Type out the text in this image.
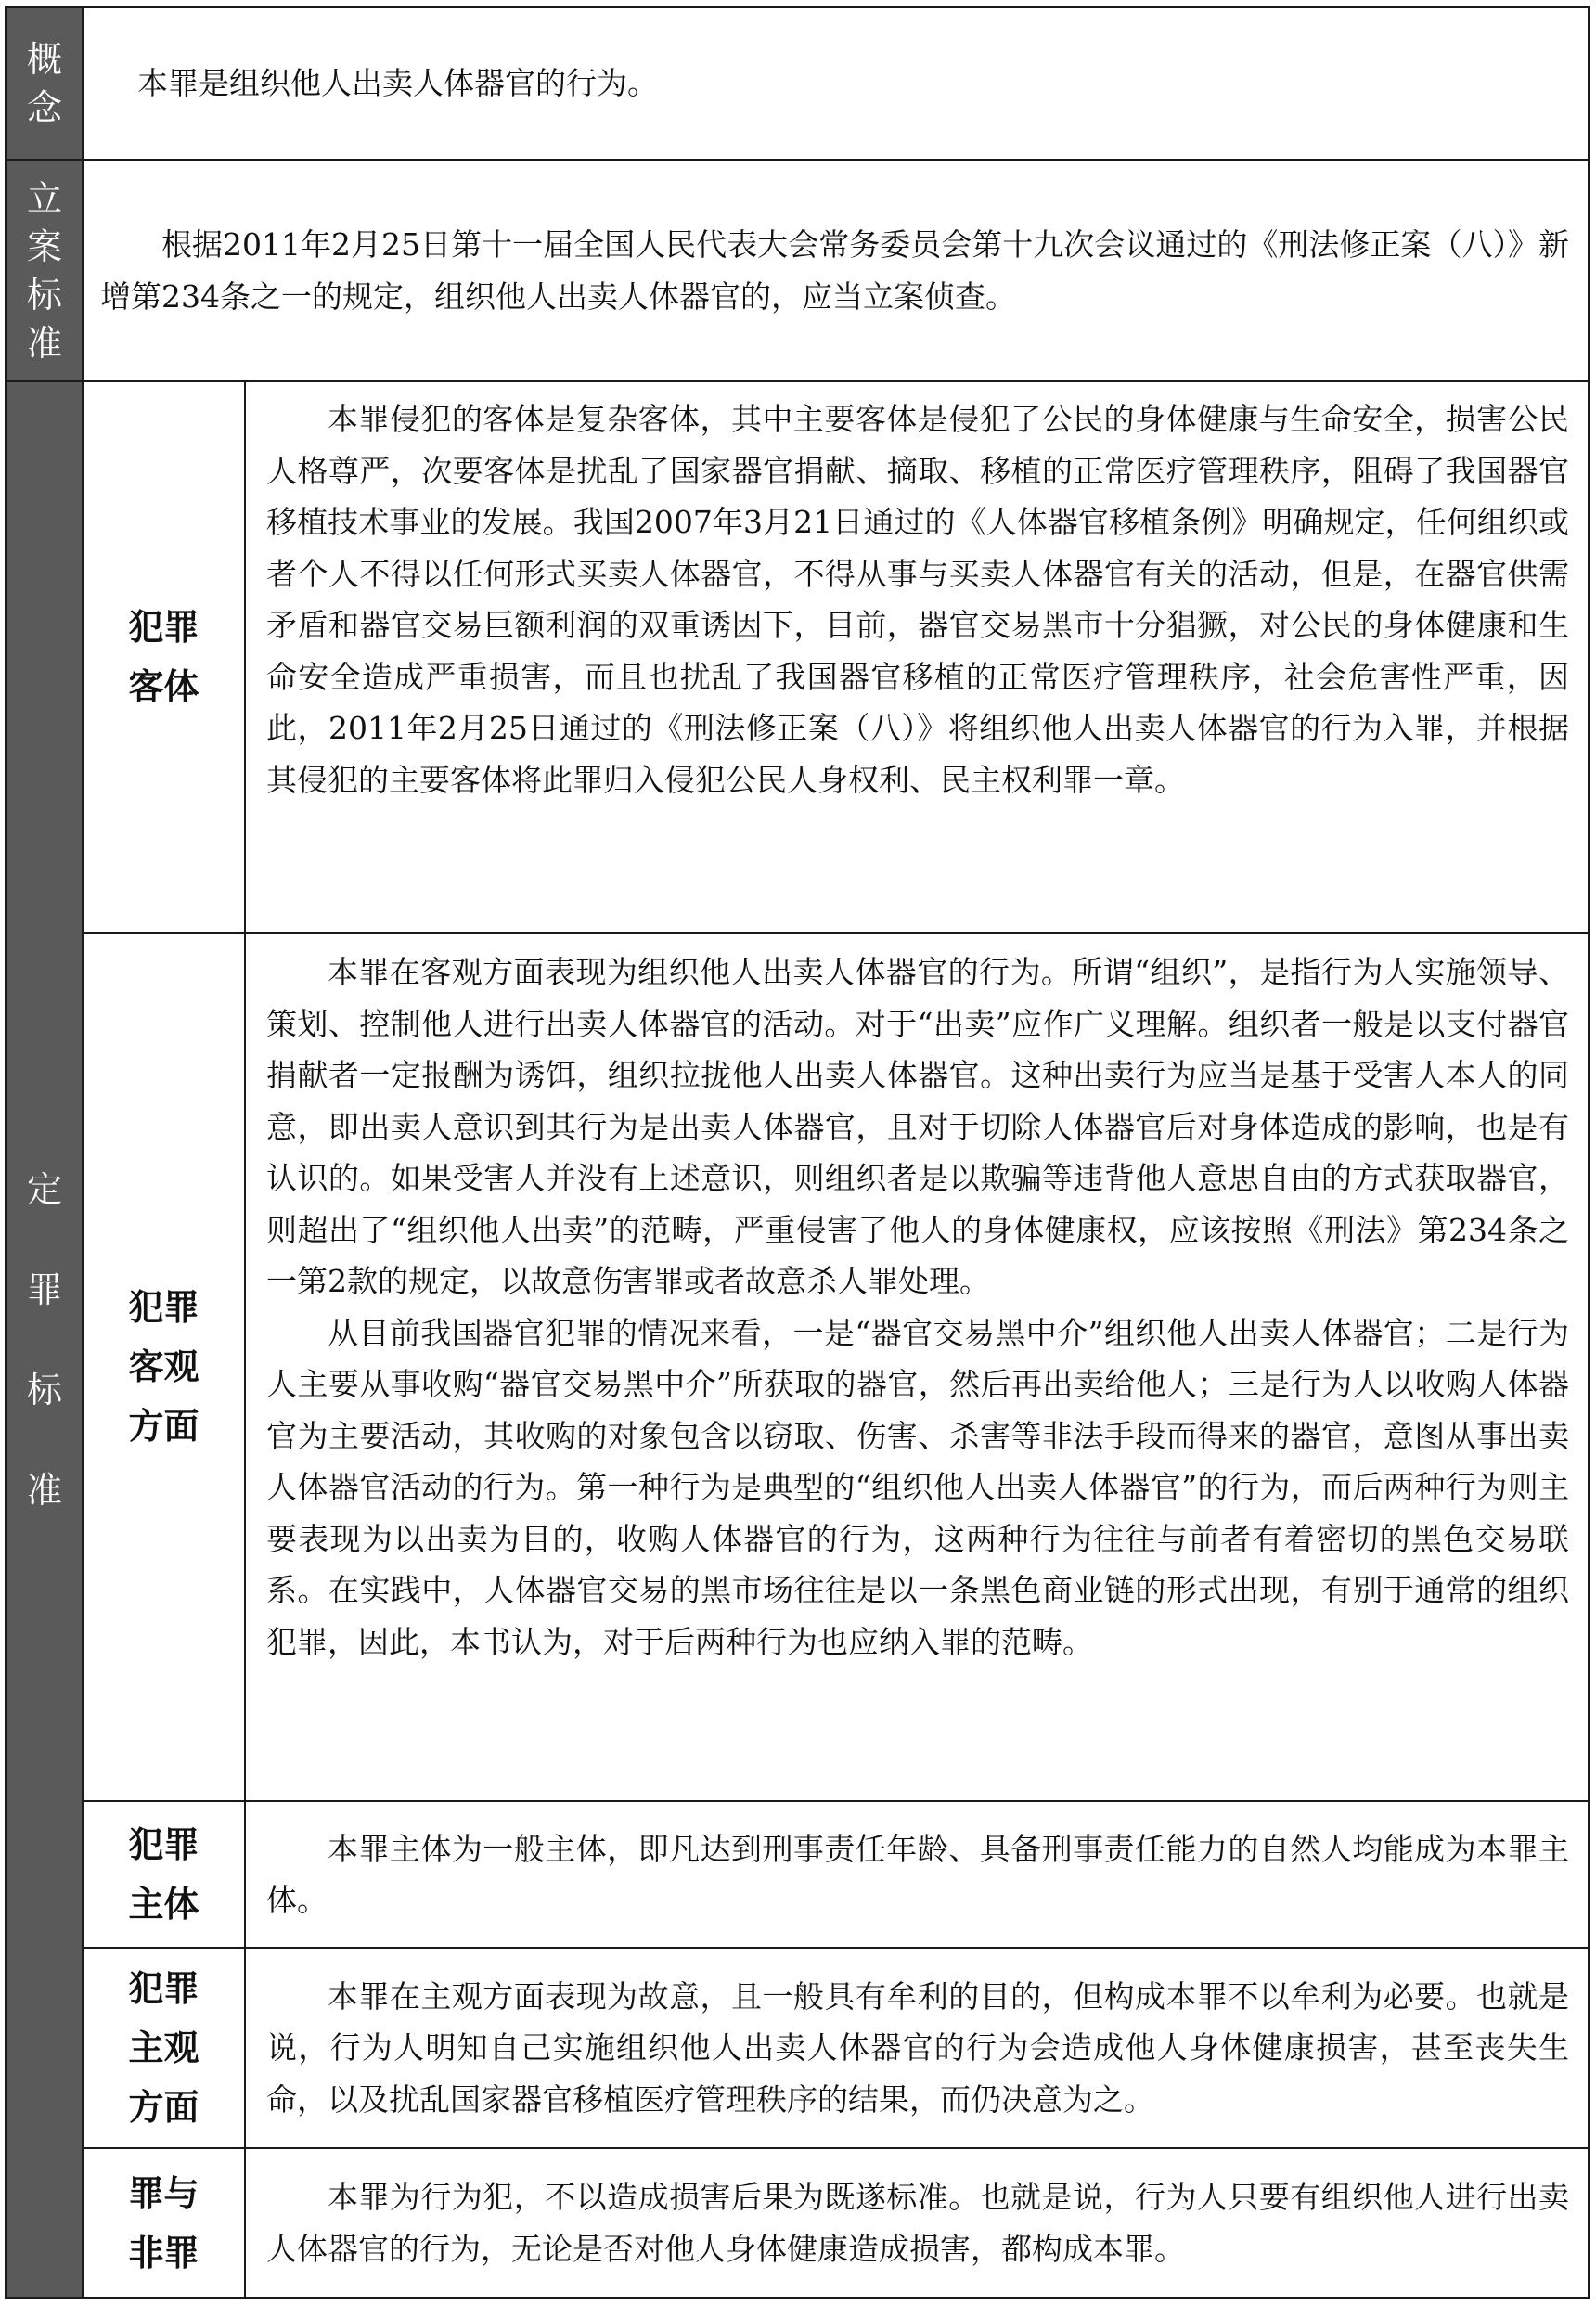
概
念

本罪是组织他人出卖人体器官的行为。

立
案
标
准

根据2011年2月25日第十一届全国人民代表大会常务委员会第十九次会议通过的《刑法修正案（八）》新增第234条之一的规定，组织他人出卖人体器官的，应当立案侦查。

定
罪
标
准
犯罪
客体

本罪侵犯的客体是复杂客体，其中主要客体是侵犯了公民的身体健康与生命安全，损害公民人格尊严，次要客体是扰乱了国家器官捐献、摘取、移植的正常医疗管理秩序，阻碍了我国器官移植技术事业的发展。我国2007年3月21日通过的《人体器官移植条例》明确规定，任何组织或者个人不得以任何形式买卖人体器官，不得从事与买卖人体器官有关的活动，但是，在器官供需矛盾和器官交易巨额利润的双重诱因下，目前，器官交易黑市十分猖獗，对公民的身体健康和生命安全造成严重损害，而且也扰乱了我国器官移植的正常医疗管理秩序，社会危害性严重，因此，2011年2月25日通过的《刑法修正案（八）》将组织他人出卖人体器官的行为入罪，并根据其侵犯的主要客体将此罪归入侵犯公民人身权利、民主权利罪一章。

犯罪
客观
方面

本罪在客观方面表现为组织他人出卖人体器官的行为。所谓“组织”，是指行为人实施领导、策划、控制他人进行出卖人体器官的活动。对于“出卖”应作广义理解。组织者一般是以支付器官捐献者一定报酬为诱饵，组织拉拢他人出卖人体器官。这种出卖行为应当是基于受害人本人的同意，即出卖人意识到其行为是出卖人体器官，且对于切除人体器官后对身体造成的影响，也是有认识的。如果受害人并没有上述意识，则组织者是以欺骗等违背他人意思自由的方式获取器官，则超出了“组织他人出卖”的范畴，严重侵害了他人的身体健康权，应该按照《刑法》第234条之一第2款的规定，以故意伤害罪或者故意杀人罪处理。

从目前我国器官犯罪的情况来看，一是“器官交易黑中介”组织他人出卖人体器官；二是行为人主要从事收购“器官交易黑中介”所获取的器官，然后再出卖给他人；三是行为人以收购人体器官为主要活动，其收购的对象包含以窃取、伤害、杀害等非法手段而得来的器官，意图从事出卖人体器官活动的行为。第一种行为是典型的“组织他人出卖人体器官”的行为，而后两种行为则主要表现为以出卖为目的，收购人体器官的行为，这两种行为往往与前者有着密切的黑色交易联系。在实践中，人体器官交易的黑市场往往是以一条黑色商业链的形式出现，有别于通常的组织犯罪，因此，本书认为，对于后两种行为也应纳入罪的范畴。

犯罪
主体

本罪主体为一般主体，即凡达到刑事责任年龄、具备刑事责任能力的自然人均能成为本罪主体。

犯罪
主观
方面

本罪在主观方面表现为故意，且一般具有牟利的目的，但构成本罪不以牟利为必要。也就是说，行为人明知自己实施组织他人出卖人体器官的行为会造成他人身体健康损害，甚至丧失生命，以及扰乱国家器官移植医疗管理秩序的结果，而仍决意为之。

罪与
非罪

本罪为行为犯，不以造成损害后果为既遂标准。也就是说，行为人只要有组织他人进行出卖人体器官的行为，无论是否对他人身体健康造成损害，都构成本罪。
